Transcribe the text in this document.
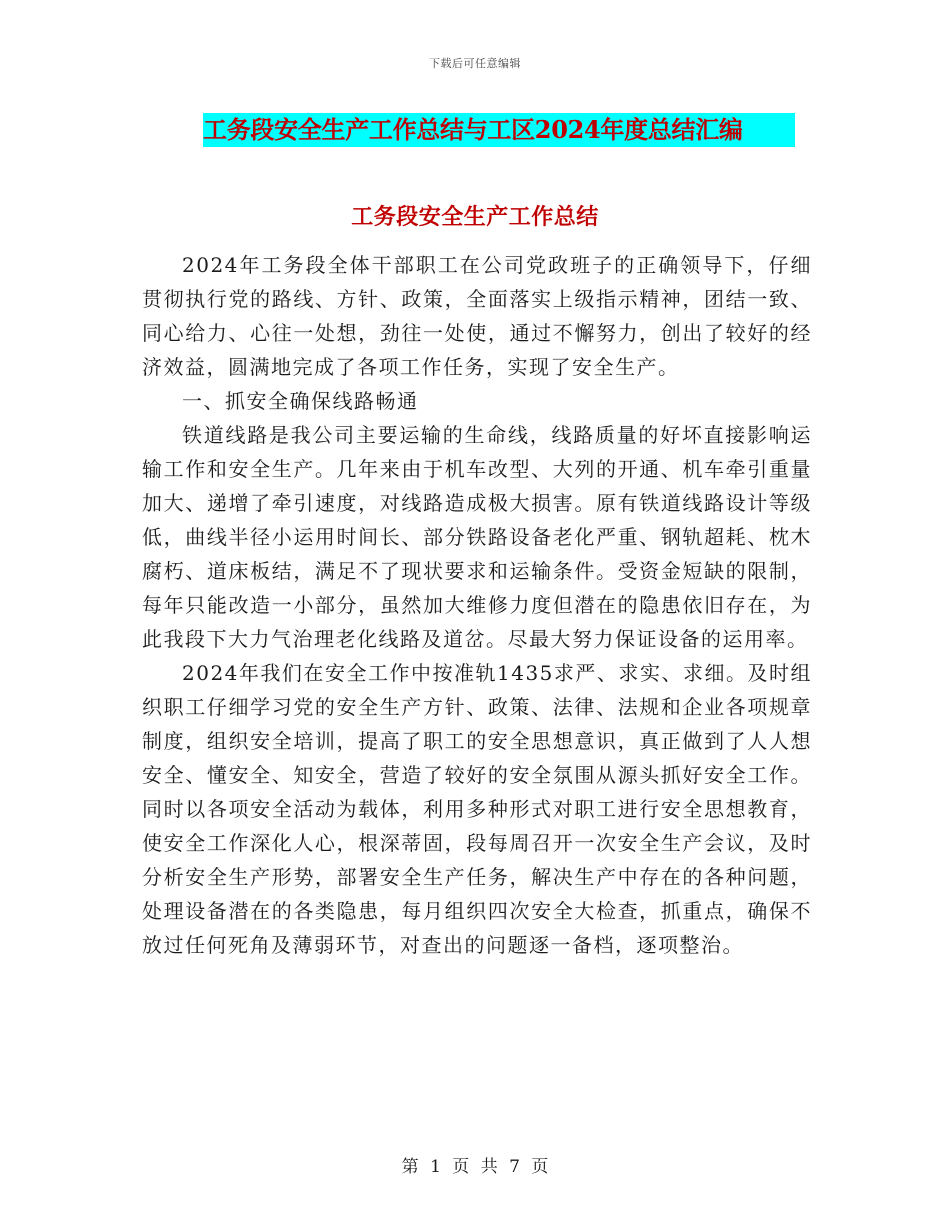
下载后可任意编辑
工务段安全生产工作总结与工区2024年度总结汇编
工务段安全生产工作总结

2024年工务段全体干部职工在公司党政班子的正确领导下，仔细贯彻执行党的路线、方针、政策，全面落实上级指示精神，团结一致、同心给力、心往一处想，劲往一处使，通过不懈努力，创出了较好的经济效益，圆满地完成了各项工作任务，实现了安全生产。

一、抓安全确保线路畅通

铁道线路是我公司主要运输的生命线，线路质量的好坏直接影响运输工作和安全生产。几年来由于机车改型、大列的开通、机车牵引重量加大、递增了牵引速度，对线路造成极大损害。原有铁道线路设计等级低，曲线半径小运用时间长、部分铁路设备老化严重、钢轨超耗、枕木腐朽、道床板结，满足不了现状要求和运输条件。受资金短缺的限制，每年只能改造一小部分，虽然加大维修力度但潜在的隐患依旧存在，为此我段下大力气治理老化线路及道岔。尽最大努力保证设备的运用率。

2024年我们在安全工作中按准轨1435求严、求实、求细。及时组织职工仔细学习党的安全生产方针、政策、法律、法规和企业各项规章制度，组织安全培训，提高了职工的安全思想意识，真正做到了人人想安全、懂安全、知安全，营造了较好的安全氛围从源头抓好安全工作。同时以各项安全活动为载体，利用多种形式对职工进行安全思想教育，使安全工作深化人心，根深蒂固，段每周召开一次安全生产会议，及时分析安全生产形势，部署安全生产任务，解决生产中存在的各种问题，处理设备潜在的各类隐患，每月组织四次安全大检查，抓重点，确保不放过任何死角及薄弱环节，对查出的问题逐一备档，逐项整治。

第 1 页 共 7 页
